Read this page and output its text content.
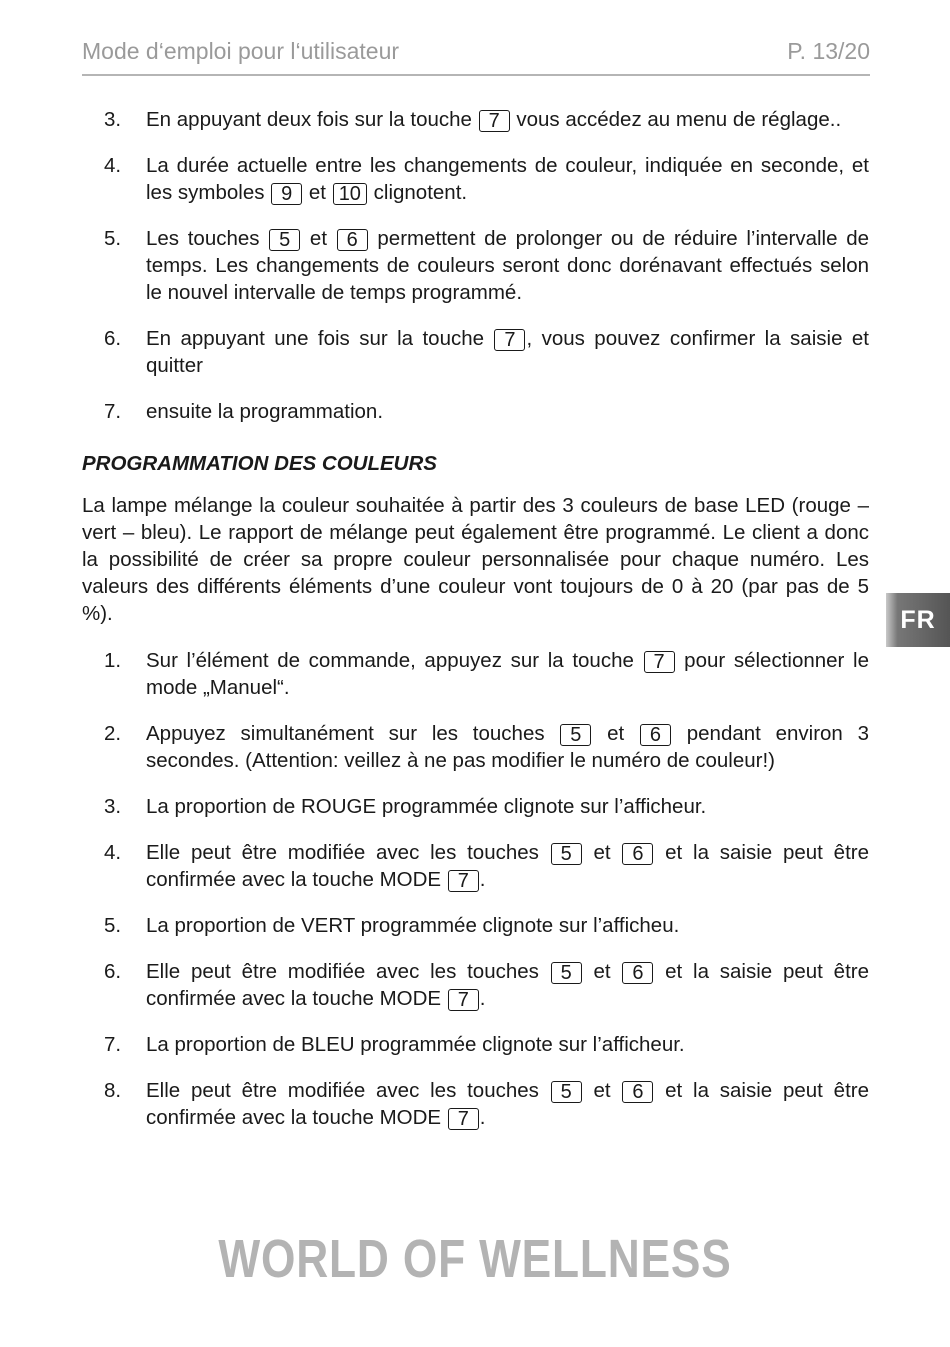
Mode d‘emploi pour l‘utilisateur	P. 13/20
3. En appuyant deux fois sur la touche 7 vous accédez au menu de réglage..
4. La durée actuelle entre les changements de couleur, indiquée en seconde, et les symboles 9 et 10 clignotent.
5. Les touches 5 et 6 permettent de prolonger ou de réduire l’intervalle de temps. Les changements de couleurs seront donc dorénavant effectués selon le nouvel intervalle de temps programmé.
6. En appuyant une fois sur la touche 7 , vous pouvez confirmer la saisie et quitter
7. ensuite la programmation.
PROGRAMMATION DES COULEURS

La lampe mélange la couleur souhaitée à partir des 3 couleurs de base LED (rouge – vert – bleu). Le rapport de mélange peut également être programmé. Le client a donc la possibilité de créer sa propre couleur personnalisée pour chaque numéro. Les valeurs des différents éléments d’une couleur vont toujours de 0 à 20 (par pas de 5 %).

1. Sur l’élément de commande, appuyez sur la touche 7 pour sélectionner le mode „Manuel“.
2. Appuyez simultanément sur les touches 5 et 6 pendant environ 3 secondes. (Attention: veillez à ne pas modifier le numéro de couleur!)
3. La proportion de ROUGE programmée clignote sur l’afficheur.
4. Elle peut être modifiée avec les touches 5 et 6 et la saisie peut être confirmée avec la touche MODE 7 .
5. La proportion de VERT programmée clignote sur l’afficheu.
6. Elle peut être modifiée avec les touches 5 et 6 et la saisie peut être confirmée avec la touche MODE 7 .
7. La proportion de BLEU programmée clignote sur l’afficheur.
8. Elle peut être modifiée avec les touches 5 et 6 et la saisie peut être confirmée avec la touche MODE 7 .
FR
WORLD OF WELLNESS
